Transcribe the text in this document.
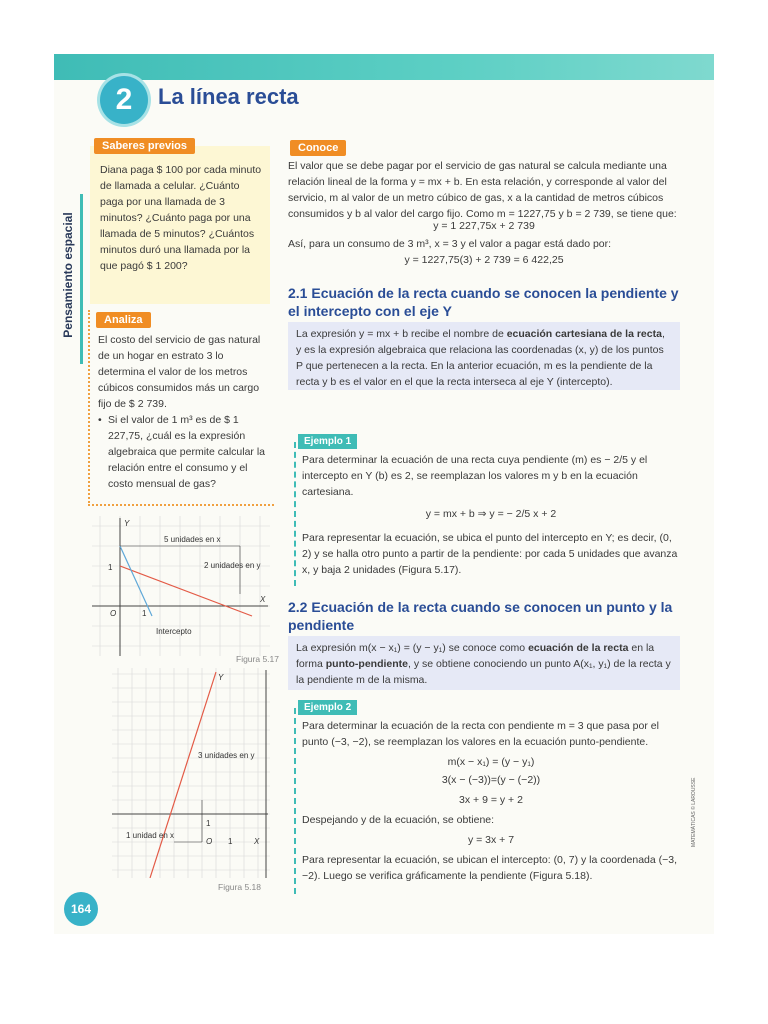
2	La línea recta
Pensamiento espacial
Diana paga $ 100 por cada minuto de llamada a celular. ¿Cuánto paga por una llamada de 3 minutos? ¿Cuánto paga por una llamada de 5 minutos? ¿Cuántos minutos duró una llamada por la que pagó $ 1 200?
Saberes previos
El costo del servicio de gas natural de un hogar en estrato 3 lo determina el valor de los metros cúbicos consumidos más un cargo fijo de $ 2 739.
• Si el valor de 1 m³ es de $ 1 227,75, ¿cuál es la expresión algebraica que permite calcular la relación entre el consumo y el costo mensual de gas?
Analiza
5 unidades en x
2 unidades en y
Intercepto
X
Y
O	1
1
Figura 5.17
3 unidades en y
1 unidad en x
X
Y
O 1
1
Figura 5.18
Conoce
El valor que se debe pagar por el servicio de gas natural se calcula mediante una relación lineal de la forma y = mx + b. En esta relación, y corresponde al valor del servicio, m al valor de un metro cúbico de gas, x a la cantidad de metros cúbicos consumidos y b al valor del cargo fijo. Como m = 1227,75 y b = 2 739, se tiene que:
y = 1 227,75x + 2 739
Así, para un consumo de 3 m³, x = 3 y el valor a pagar está dado por:
y = 1227,75(3) + 2 739 = 6 422,25
2.1 Ecuación de la recta cuando se conocen la pendiente y el intercepto con el eje Y
La expresión y = mx + b recibe el nombre de ecuación cartesiana de la recta, y es la expresión algebraica que relaciona las coordenadas (x, y) de los puntos P que pertenecen a la recta. En la anterior ecuación, m es la pendiente de la recta y b es el valor en el que la recta interseca al eje Y (intercepto).
Ejemplo 1
Para determinar la ecuación de una recta cuya pendiente (m) es − 2/5 y el intercepto en Y (b) es 2, se reemplazan los valores m y b en la ecuación cartesiana.
y = mx + b ⇒ y = − 2/5 x + 2
Para representar la ecuación, se ubica el punto del intercepto en Y; es decir, (0, 2) y se halla otro punto a partir de la pendiente: por cada 5 unidades que avanza x, y baja 2 unidades (Figura 5.17).
2.2 Ecuación de la recta cuando se conocen un punto y la pendiente
La expresión m(x − x₁) = (y − y₁) se conoce como ecuación de la recta en la forma punto-pendiente, y se obtiene conociendo un punto A(x₁, y₁) de la recta y la pendiente m de la misma.
Ejemplo 2
Para determinar la ecuación de la recta con pendiente m = 3 que pasa por el punto (−3, −2), se reemplazan los valores en la ecuación punto-pendiente.
m(x − x₁) = (y − y₁)
3(x − (−3))=(y − (−2))
3x + 9 = y + 2
Despejando y de la ecuación, se obtiene:
y = 3x + 7
Para representar la ecuación, se ubican el intercepto: (0, 7) y la coordenada (−3, −2). Luego se verifica gráficamente la pendiente (Figura 5.18).
164
